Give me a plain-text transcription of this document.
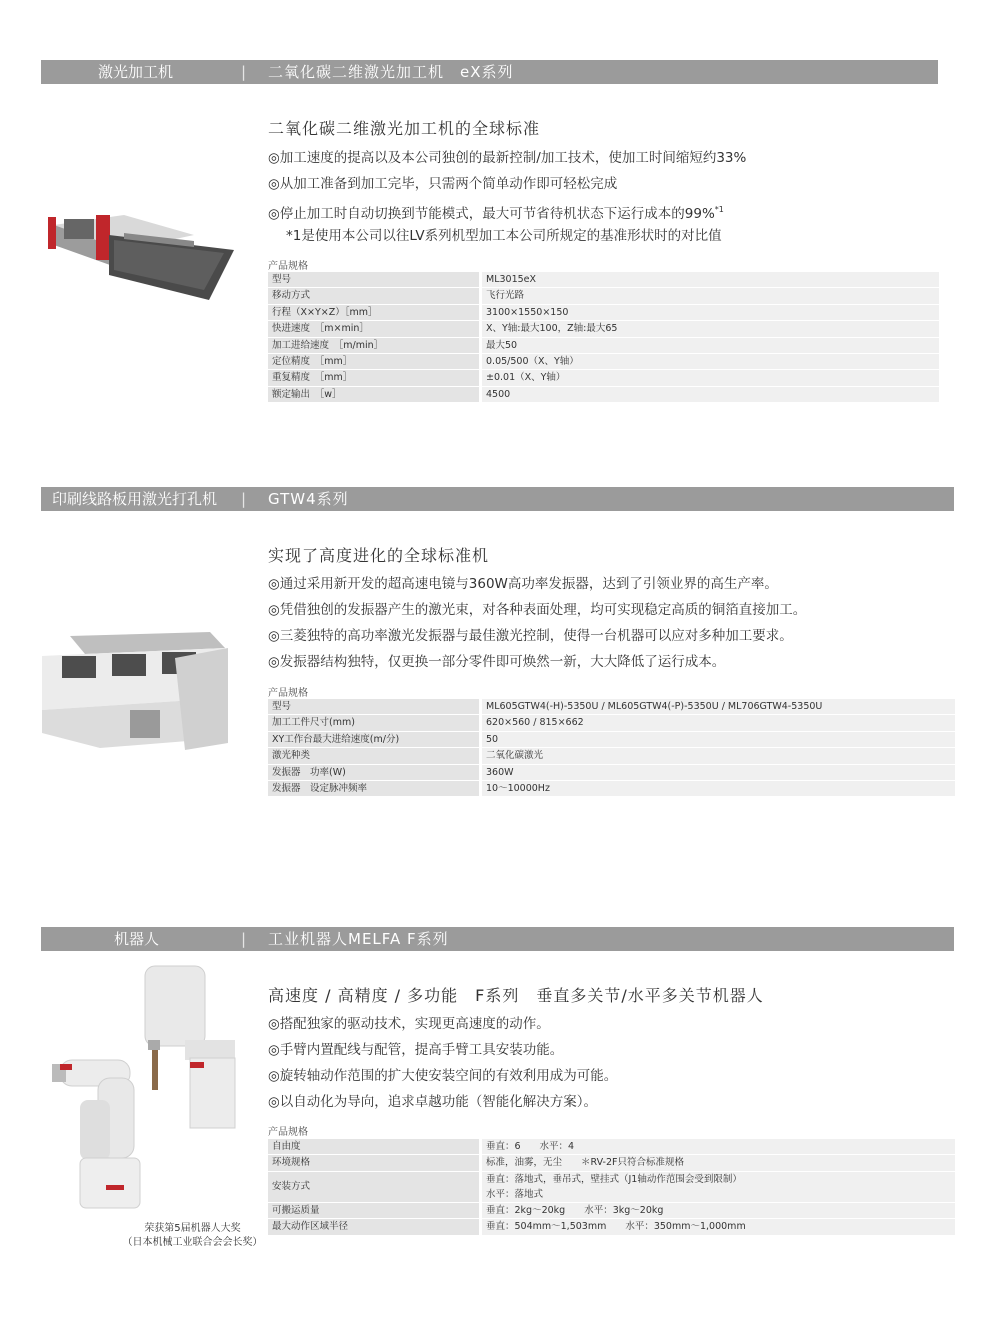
激光加工机	| 二氧化碳二维激光加工机　eX系列
二氧化碳二维激光加工机的全球标准
◎加工速度的提高以及本公司独创的最新控制/加工技术，使加工时间缩短约33%
◎从加工准备到加工完毕，只需两个简单动作即可轻松完成
◎停止加工时自动切换到节能模式，最大可节省待机状态下运行成本的99%$^{*1}$
*1是使用本公司以往LV系列机型加工本公司所规定的基准形状时的对比值
产品规格
型号	ML3015eX
移动方式	飞行光路
行程（X×Y×Z）［mm］	3100×1550×150
快进速度　［m×min］	X、Y轴:最大100，Z轴:最大65
加工进给速度　［m/min］	最大50
定位精度　［mm］	0.05/500（X、Y轴）
重复精度　［mm］	±0.01（X、Y轴）
额定输出　［w］	4500
印刷线路板用激光打孔机 | GTW4系列
实现了高度进化的全球标准机
◎通过采用新开发的超高速电镜与360W高功率发振器，达到了引领业界的高生产率。
◎凭借独创的发振器产生的激光束，对各种表面处理，均可实现稳定高质的铜箔直接加工。
◎三菱独特的高功率激光发振器与最佳激光控制，使得一台机器可以应对多种加工要求。
◎发振器结构独特，仅更换一部分零件即可焕然一新，大大降低了运行成本。
产品规格
型号	ML605GTW4(-H)-5350U / ML605GTW4(-P)-5350U / ML706GTW4-5350U
加工工件尺寸(mm)	620×560 / 815×662
XY工作台最大进给速度(m/分)	50
激光种类	二氧化碳激光
发振器　功率(W)	360W
发振器　设定脉冲频率	10～10000Hz
机器人	| 工业机器人MELFA F系列
高速度 / 高精度 / 多功能　F系列　垂直多关节/水平多关节机器人
◎搭配独家的驱动技术，实现更高速度的动作。
◎手臂内置配线与配管，提高手臂工具安装功能。
◎旋转轴动作范围的扩大使安装空间的有效利用成为可能。
◎以自动化为导向，追求卓越功能（智能化解决方案）。
荣获第5届机器人大奖
（日本机械工业联合会会长奖）
产品规格
自由度	垂直：6　　水平：4
环境规格	标准，油雾，无尘　　＊RV-2F只符合标准规格
安装方式	垂直：落地式，垂吊式，壁挂式（J1轴动作范围会受到限制）
水平：落地式

可搬运质量	垂直：2kg～20kg　　水平：3kg～20kg
最大动作区域半径	垂直：504mm～1,503mm　　水平：350mm～1,000mm
